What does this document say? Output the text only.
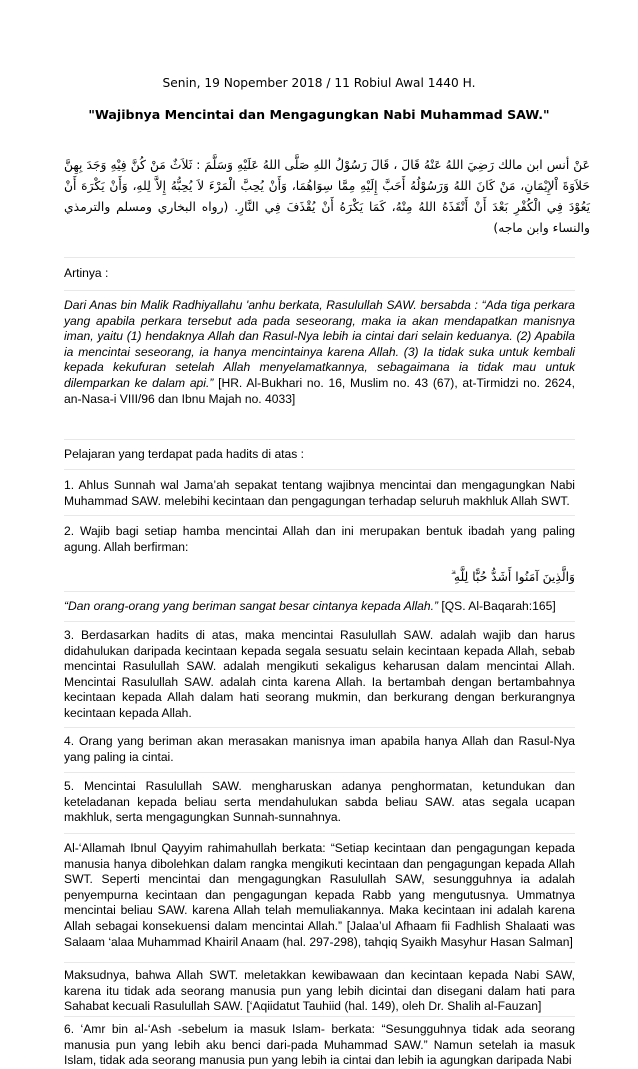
Senin, 19 Nopember 2018 / 11 Robiul Awal 1440 H.
"Wajibnya Mencintai dan Mengagungkan Nabi Muhammad SAW."
عَنْ أنس ابن مالك رَضِيَ اللهُ عَنْهُ قَالَ ، قَالَ رَسُوْلُ اللهِ صَلَّى اللهُ عَلَيْهِ وَسَلَّمَ : ثَلاَثٌ مَنْ كُنَّ فِيْهِ وَجَدَ بِهِنَّ حَلاَوَةَ اْلإِيْمَانِ، مَنْ كَانَ اللهُ وَرَسُوْلُهُ أَحَبَّ إِلَيْهِ مِمَّا سِوَاهُمَا، وَأَنْ يُحِبَّ الْمَرْءَ لاَ يُحِبُّهُ إِلاَّ لِلهِ، وَأَنْ يَكْرَهَ أَنْ يَعُوْدَ فِي الْكُفْرِ بَعْدَ أَنْ أَنْقَذَهُ اللهُ مِنْهُ، كَمَا يَكْرَهُ أَنْ يُقْذَفَ فِي النَّارِ. (رواه البخاري ومسلم والترمذي والنساء وابن ماجه)

Artinya :

Dari Anas bin Malik Radhiyallahu 'anhu berkata, Rasulullah SAW. bersabda : “Ada tiga perkara yang apabila perkara tersebut ada pada seseorang, maka ia akan mendapatkan manisnya iman, yaitu (1) hendaknya Allah dan Rasul-Nya lebih ia cintai dari selain keduanya. (2) Apabila ia mencintai seseorang, ia hanya mencintainya karena Allah. (3) Ia tidak suka untuk kembali kepada kekufuran setelah Allah menyelamatkannya, sebagaimana ia tidak mau untuk dilemparkan ke dalam api.” [HR. Al-Bukhari no. 16, Muslim no. 43 (67), at-Tirmidzi no. 2624, an-Nasa-i VIII/96 dan Ibnu Majah no. 4033]

Pelajaran yang terdapat pada hadits di atas :

1. Ahlus Sunnah wal Jama’ah sepakat tentang wajibnya mencintai dan mengagungkan Nabi Muhammad SAW. melebihi kecintaan dan pengagungan terhadap seluruh makhluk Allah SWT.

2. Wajib bagi setiap hamba mencintai Allah dan ini merupakan bentuk ibadah yang paling agung. Allah berfirman:

وَالَّذِينَ آمَنُوا أَشَدُّ حُبًّا لِلَّهِ ۗ

“Dan orang-orang yang beriman sangat besar cintanya kepada Allah.” [QS. Al-Baqarah:165]

3. Berdasarkan hadits di atas, maka mencintai Rasulullah SAW. adalah wajib dan harus didahulukan daripada kecintaan kepada segala sesuatu selain kecintaan kepada Allah, sebab mencintai Rasulullah SAW. adalah mengikuti sekaligus keharusan dalam mencintai Allah. Mencintai Rasulullah SAW. adalah cinta karena Allah. Ia bertambah dengan bertambahnya kecintaan kepada Allah dalam hati seorang mukmin, dan berkurang dengan berkurangnya kecintaan kepada Allah.

4. Orang yang beriman akan merasakan manisnya iman apabila hanya Allah dan Rasul-Nya yang paling ia cintai.

5. Mencintai Rasulullah SAW. mengharuskan adanya penghormatan, ketundukan dan keteladanan kepada beliau serta mendahulukan sabda beliau SAW. atas segala ucapan makhluk, serta mengagungkan Sunnah-sunnahnya.

Al-‘Allamah Ibnul Qayyim rahimahullah berkata: “Setiap kecintaan dan pengagungan kepada manusia hanya dibolehkan dalam rangka mengikuti kecintaan dan pengagungan kepada Allah SWT. Seperti mencintai dan mengagungkan Rasulullah SAW, sesungguhnya ia adalah penyempurna kecintaan dan pengagungan kepada Rabb yang mengutusnya. Ummatnya mencintai beliau SAW. karena Allah telah memuliakannya. Maka kecintaan ini adalah karena Allah sebagai konsekuensi dalam mencintai Allah.” [Jalaa’ul Afhaam fii Fadhlish Shalaati was Salaam ‘alaa Muhammad Khairil Anaam (hal. 297-298), tahqiq Syaikh Masyhur Hasan Salman]

Maksudnya, bahwa Allah SWT. meletakkan kewibawaan dan kecintaan kepada Nabi SAW, karena itu tidak ada seorang manusia pun yang lebih dicintai dan disegani dalam hati para Sahabat kecuali Rasulullah SAW. [‘Aqiidatut Tauhiid (hal. 149), oleh Dr. Shalih al-Fauzan]

6. ‘Amr bin al-‘Ash -sebelum ia masuk Islam- berkata: “Sesungguhnya tidak ada seorang manusia pun yang lebih aku benci dari-pada Muhammad SAW.” Namun setelah ia masuk Islam, tidak ada seorang manusia pun yang lebih ia cintai dan lebih ia agungkan daripada Nabi
